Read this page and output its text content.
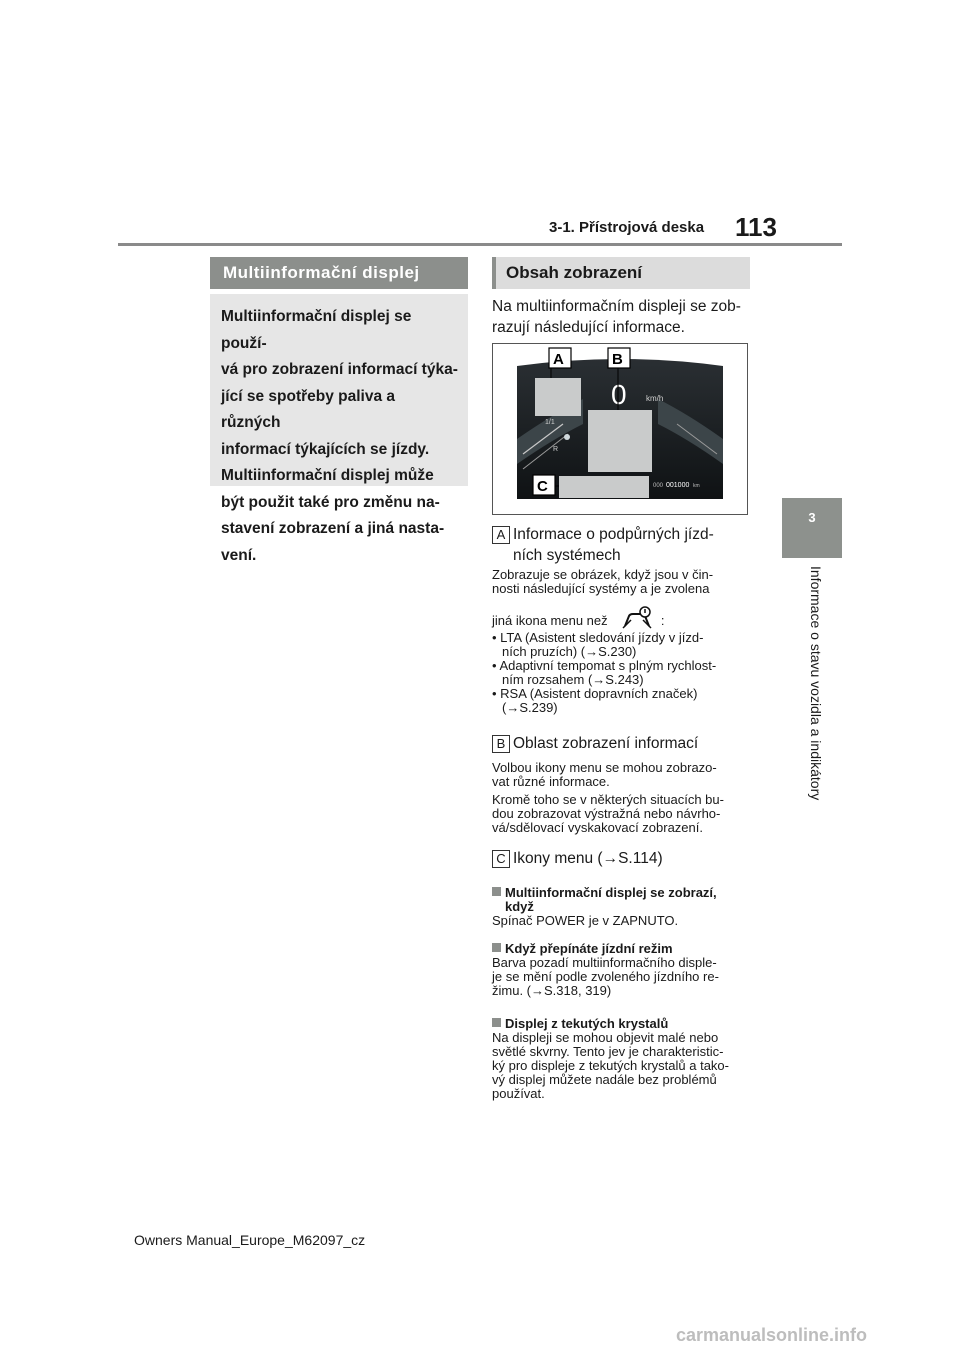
3-1. Přístrojová deska 113
3
Informace o stavu vozidla a indikátory
Multiinformační displej

Multiinformační displej se použí-

vá pro zobrazení informací týka-

jící se spotřeby paliva a různých

informací týkajících se jízdy.

Multiinformační displej může

být použit také pro změnu na-

stavení zobrazení a jiná nasta-

vení.

Obsah zobrazení
Na multiinformačním displeji se zob-
razují následující informace.
0 km/h
1/1
R
000 001000 km
A	B
C
A Informace o podpůrných jízd-
ních systémech

Zobrazuje se obrázek, když jsou v čin-

nosti následující systémy a je zvolena

jiná ikona menu než	:

• LTA (Asistent sledování jízdy v jízd-

ních pruzích) (→S.230)

• Adaptivní tempomat s plným rychlost-

ním rozsahem (→S.243)

• RSA (Asistent dopravních značek)

(→S.239)

B Oblast zobrazení informací

Volbou ikony menu se mohou zobrazo-

vat různé informace.

Kromě toho se v některých situacích bu-

dou zobrazovat výstražná nebo návrho-

vá/sdělovací vyskakovací zobrazení.

C Ikony menu (→S.114)

Multiinformační displej se zobrazí,

když

Spínač POWER je v ZAPNUTO.

Když přepínáte jízdní režim

Barva pozadí multiinformačního disple-

je se mění podle zvoleného jízdního re-

žimu. (→S.318, 319)

Displej z tekutých krystalů

Na displeji se mohou objevit malé nebo

světlé skvrny. Tento jev je charakteristic-

ký pro displeje z tekutých krystalů a tako-

vý displej můžete nadále bez problémů

používat.

Owners Manual_Europe_M62097_cz
carmanualsonline.info
